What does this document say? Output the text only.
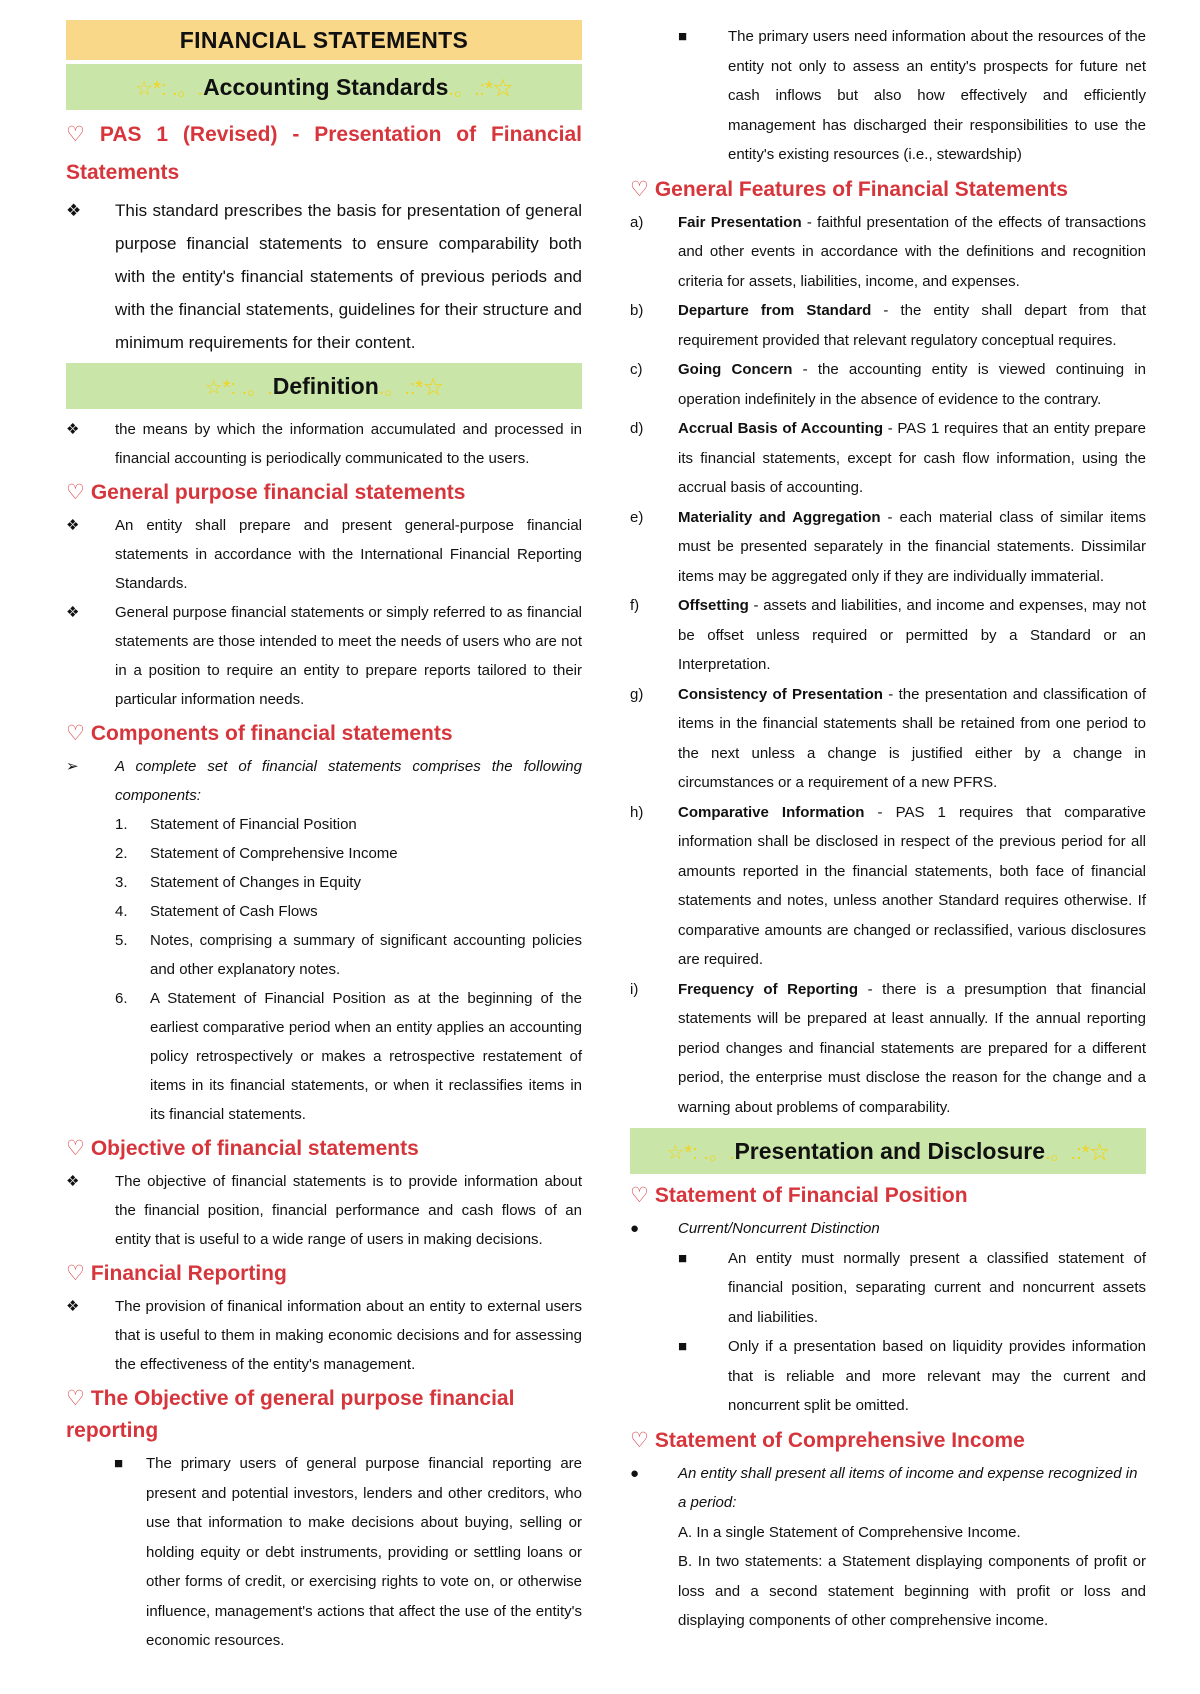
FINANCIAL STATEMENTS
☆*: .。.Accounting Standards.。.:*☆
♡ PAS 1 (Revised) - Presentation of Financial Statements
❖	This standard prescribes the basis for presentation of general purpose financial statements to ensure comparability both with the entity's financial statements of previous periods and with the financial statements, guidelines for their structure and minimum requirements for their content.
☆*: .。.Definition.。.:*☆
❖	the means by which the information accumulated and processed in financial accounting is periodically communicated to the users.
♡ General purpose financial statements
❖	An entity shall prepare and present general-purpose financial statements in accordance with the International Financial Reporting Standards.
❖	General purpose financial statements or simply referred to as financial statements are those intended to meet the needs of users who are not in a position to require an entity to prepare reports tailored to their particular information needs.
♡ Components of financial statements
➢	A complete set of financial statements comprises the following components:
1.	Statement of Financial Position
2.	Statement of Comprehensive Income
3.	Statement of Changes in Equity
4.	Statement of Cash Flows
5.	Notes, comprising a summary of significant accounting policies and other explanatory notes.
6.	A Statement of Financial Position as at the beginning of the earliest comparative period when an entity applies an accounting policy retrospectively or makes a retrospective restatement of items in its financial statements, or when it reclassifies items in its financial statements.
♡ Objective of financial statements
❖	The objective of financial statements is to provide information about the financial position, financial performance and cash flows of an entity that is useful to a wide range of users in making decisions.
♡ Financial Reporting
❖	The provision of finanical information about an entity to external users that is useful to them in making economic decisions and for assessing the effectiveness of the entity's management.
♡ The Objective of general purpose financial reporting
■	The primary users of general purpose financial reporting are present and potential investors, lenders and other creditors, who use that information to make decisions about buying, selling or holding equity or debt instruments, providing or settling loans or other forms of credit, or exercising rights to vote on, or otherwise influence, management's actions that affect the use of the entity's economic resources.
■	The primary users need information about the resources of the entity not only to assess an entity's prospects for future net cash inflows but also how effectively and efficiently management has discharged their responsibilities to use the entity's existing resources (i.e., stewardship)
♡ General Features of Financial Statements
a)	Fair Presentation - faithful presentation of the effects of transactions and other events in accordance with the definitions and recognition criteria for assets, liabilities, income, and expenses.
b)	Departure from Standard - the entity shall depart from that requirement provided that relevant regulatory conceptual requires.
c)	Going Concern - the accounting entity is viewed continuing in operation indefinitely in the absence of evidence to the contrary.
d)	Accrual Basis of Accounting - PAS 1 requires that an entity prepare its financial statements, except for cash flow information, using the accrual basis of accounting.
e)	Materiality and Aggregation - each material class of similar items must be presented separately in the financial statements. Dissimilar items may be aggregated only if they are individually immaterial.
f)	Offsetting - assets and liabilities, and income and expenses, may not be offset unless required or permitted by a Standard or an Interpretation.
g)	Consistency of Presentation - the presentation and classification of items in the financial statements shall be retained from one period to the next unless a change is justified either by a change in circumstances or a requirement of a new PFRS.
h)	Comparative Information - PAS 1 requires that comparative information shall be disclosed in respect of the previous period for all amounts reported in the financial statements, both face of financial statements and notes, unless another Standard requires otherwise. If comparative amounts are changed or reclassified, various disclosures are required.
i)	Frequency of Reporting - there is a presumption that financial statements will be prepared at least annually. If the annual reporting period changes and financial statements are prepared for a different period, the enterprise must disclose the reason for the change and a warning about problems of comparability.
☆*: .。.Presentation and Disclosure.。.:*☆
♡ Statement of Financial Position
●	Current/Noncurrent Distinction
■	An entity must normally present a classified statement of financial position, separating current and noncurrent assets and liabilities.
■	Only if a presentation based on liquidity provides information that is reliable and more relevant may the current and noncurrent split be omitted.
♡ Statement of Comprehensive Income
●	An entity shall present all items of income and expense recognized in a period:
A. In a single Statement of Comprehensive Income.
B. In two statements: a Statement displaying components of profit or loss and a second statement beginning with profit or loss and displaying components of other comprehensive income.
